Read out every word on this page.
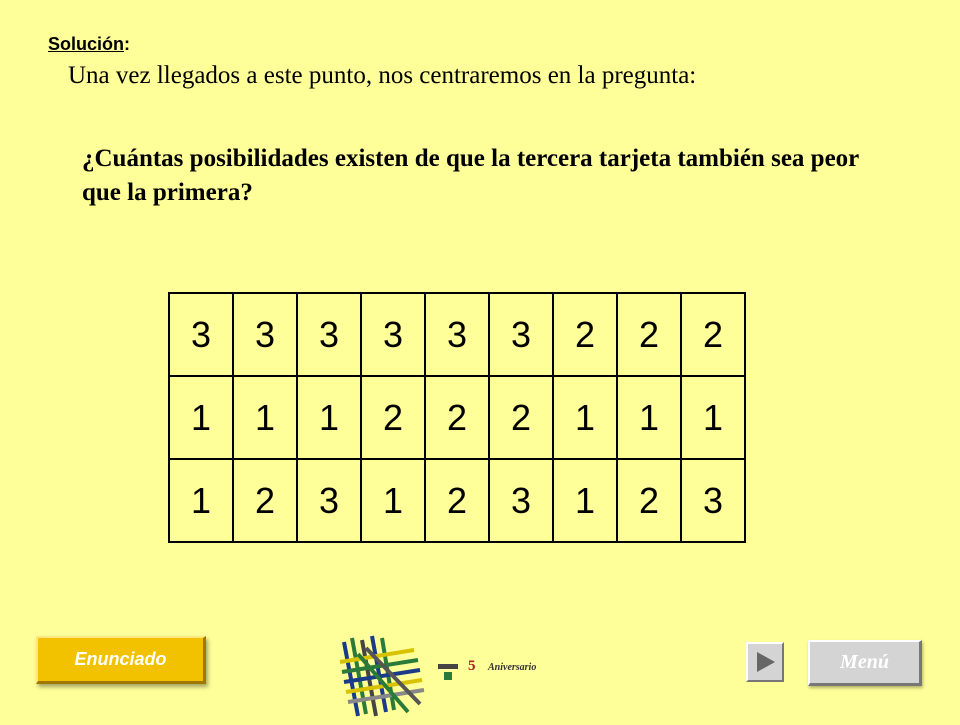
Solución:
Una vez llegados a este punto, nos centraremos en la pregunta:
¿Cuántas posibilidades existen de que la tercera tarjeta también sea peor que la primera?
3	3	3	3	3	3	2	2	2
1	1	1	2	2	2	1	1	1
1	2	3	1	2	3	1	2	3
Enunciado	5 Aniversario	Menú
